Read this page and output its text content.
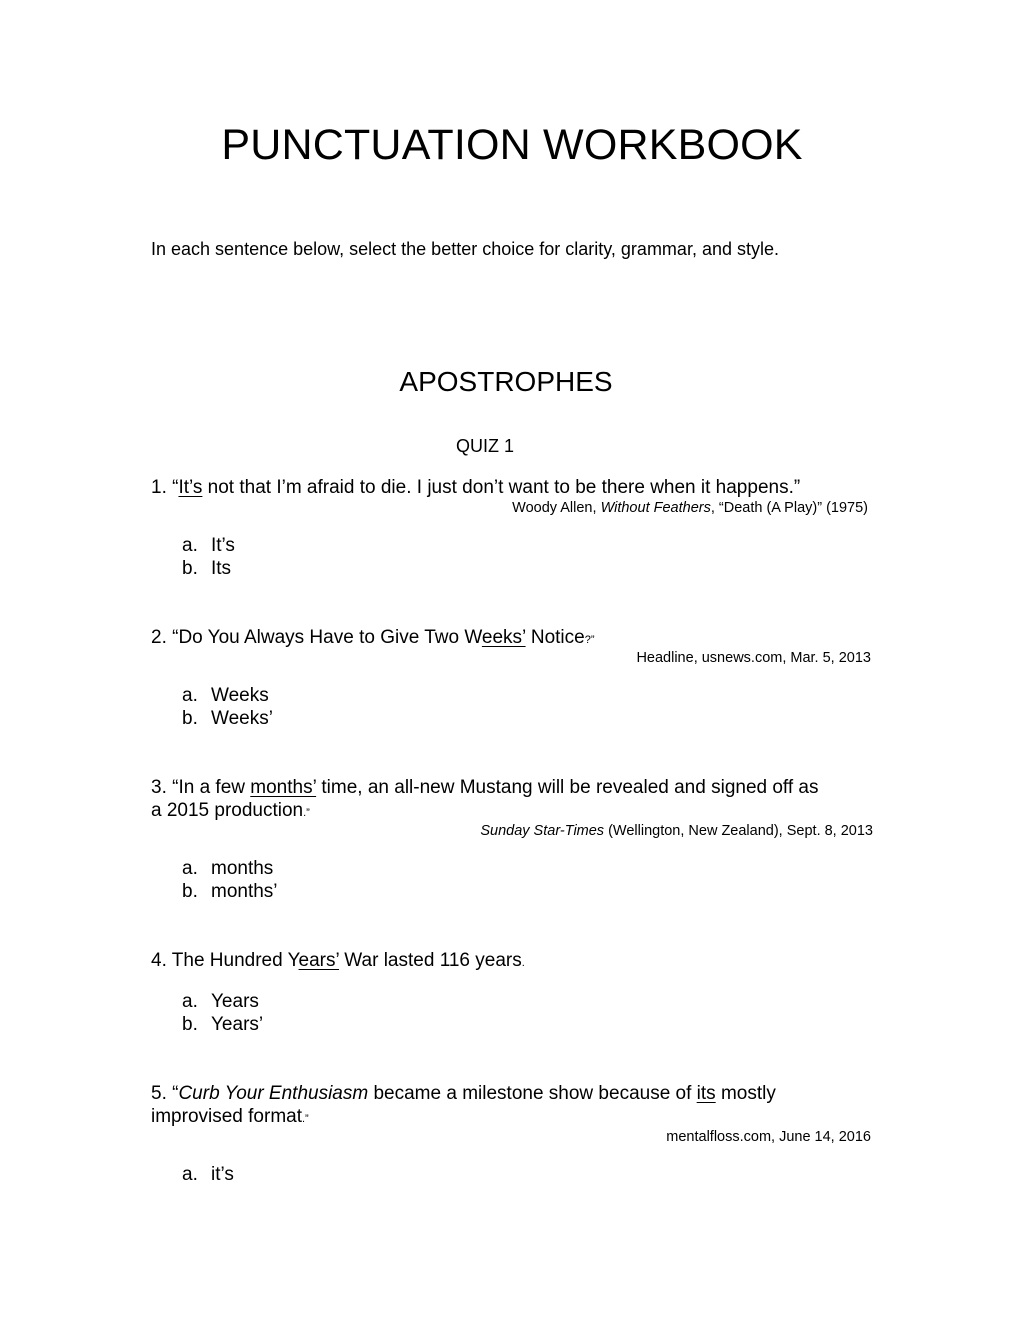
PUNCTUATION WORKBOOK
In each sentence below, select the better choice for clarity, grammar, and style.
APOSTROPHES
QUIZ 1
1. “It’s not that I’m afraid to die. I just don’t want to be there when it happens.”
Woody Allen, Without Feathers, “Death (A Play)” (1975)
a. It’s
b. Its
2. “Do You Always Have to Give Two Weeks’ Notice?”
Headline, usnews.com, Mar. 5, 2013
a. Weeks
b. Weeks’
3. “In a few months’ time, an all-new Mustang will be revealed and signed off as
a 2015 production.”
Sunday Star-Times (Wellington, New Zealand), Sept. 8, 2013
a. months
b. months’
4. The Hundred Years’ War lasted 116 years.
a. Years
b. Years’
5. “Curb Your Enthusiasm became a milestone show because of its mostly
improvised format.”
mentalfloss.com, June 14, 2016
a. it’s
